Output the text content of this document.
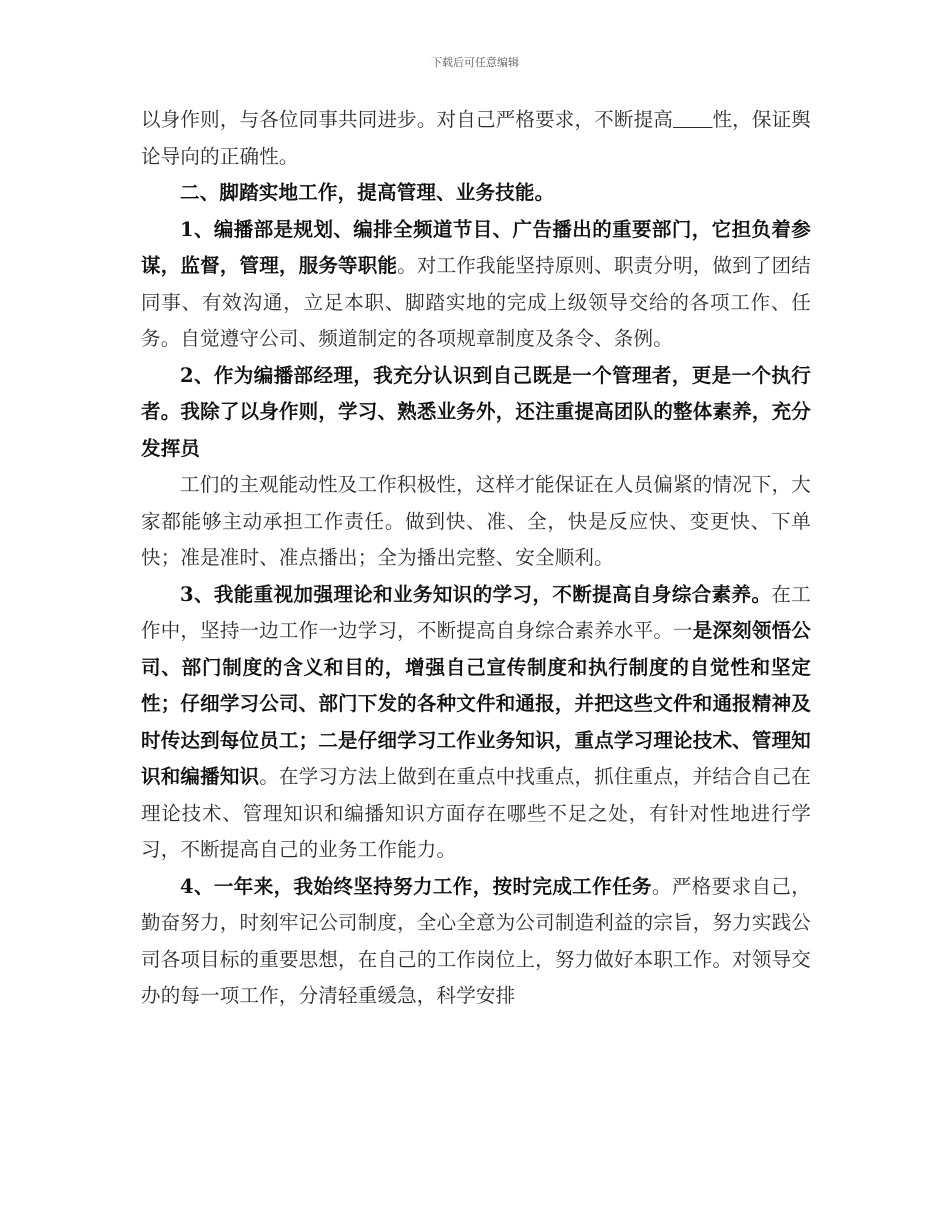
下载后可任意编辑

以身作则，与各位同事共同进步。对自己严格要求，不断提高　　 性，保证舆论导向的正确性。

二、脚踏实地工作，提高管理、业务技能。

1、编播部是规划、编排全频道节目、广告播出的重要部门，它担负着参谋，监督，管理，服务等职能。对工作我能坚持原则、职责分明，做到了团结同事、有效沟通，立足本职、脚踏实地的完成上级领导交给的各项工作、任务。自觉遵守公司、频道制定的各项规章制度及条令、条例。

2、作为编播部经理，我充分认识到自己既是一个管理者，更是一个执行者。我除了以身作则，学习、熟悉业务外，还注重提高团队的整体素养，充分发挥员

工们的主观能动性及工作积极性，这样才能保证在人员偏紧的情况下，大家都能够主动承担工作责任。做到快、准、全，快是反应快、变更快、下单快；准是准时、准点播出；全为播出完整、安全顺利。

3、我能重视加强理论和业务知识的学习，不断提高自身综合素养。在工作中，坚持一边工作一边学习，不断提高自身综合素养水平。一是深刻领悟公司、部门制度的含义和目的，增强自己宣传制度和执行制度的自觉性和坚定性；仔细学习公司、部门下发的各种文件和通报，并把这些文件和通报精神及时传达到每位员工；二是仔细学习工作业务知识，重点学习理论技术、管理知识和编播知识。在学习方法上做到在重点中找重点，抓住重点，并结合自己在理论技术、管理知识和编播知识方面存在哪些不足之处，有针对性地进行学习，不断提高自己的业务工作能力。

4、一年来，我始终坚持努力工作，按时完成工作任务。严格要求自己，勤奋努力，时刻牢记公司制度，全心全意为公司制造利益的宗旨，努力实践公司各项目标的重要思想，在自己的工作岗位上，努力做好本职工作。对领导交办的每一项工作，分清轻重缓急，科学安排
